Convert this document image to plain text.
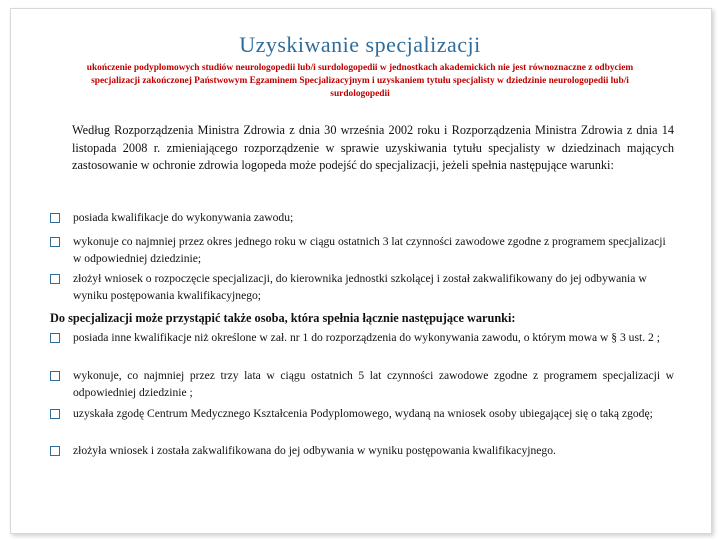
Uzyskiwanie specjalizacji
ukończenie podyplomowych studiów neurologopedii lub/i surdologopedii w jednostkach akademickich nie jest równoznaczne z odbyciem specjalizacji zakończonej Państwowym Egzaminem Specjalizacyjnym i uzyskaniem tytułu specjalisty w dziedzinie neurologopedii lub/i surdologopedii
Według Rozporządzenia Ministra Zdrowia z dnia 30 września 2002 roku i Rozporządzenia Ministra Zdrowia z dnia 14 listopada 2008 r. zmieniającego rozporządzenie w sprawie uzyskiwania tytułu specjalisty w dziedzinach mających zastosowanie w ochronie zdrowia logopeda może podejść do specjalizacji, jeżeli spełnia następujące warunki:
posiada kwalifikacje do wykonywania zawodu;
wykonuje co najmniej przez okres jednego roku w ciągu ostatnich 3 lat czynności zawodowe zgodne z programem specjalizacji w odpowiedniej dziedzinie;
złożył wniosek o rozpoczęcie specjalizacji, do kierownika jednostki szkolącej i został zakwalifikowany do jej odbywania w wyniku postępowania kwalifikacyjnego;
Do specjalizacji może przystąpić także osoba, która spełnia łącznie następujące warunki:
posiada inne kwalifikacje niż określone w zał. nr 1 do rozporządzenia do wykonywania zawodu, o którym mowa w § 3 ust. 2 ;
wykonuje, co najmniej przez trzy lata w ciągu ostatnich 5 lat czynności zawodowe zgodne z programem specjalizacji w odpowiedniej dziedzinie ;
uzyskała zgodę Centrum Medycznego Kształcenia Podyplomowego, wydaną na wniosek osoby ubiegającej się o taką zgodę;
złożyła wniosek i została zakwalifikowana do jej odbywania w wyniku postępowania kwalifikacyjnego.
